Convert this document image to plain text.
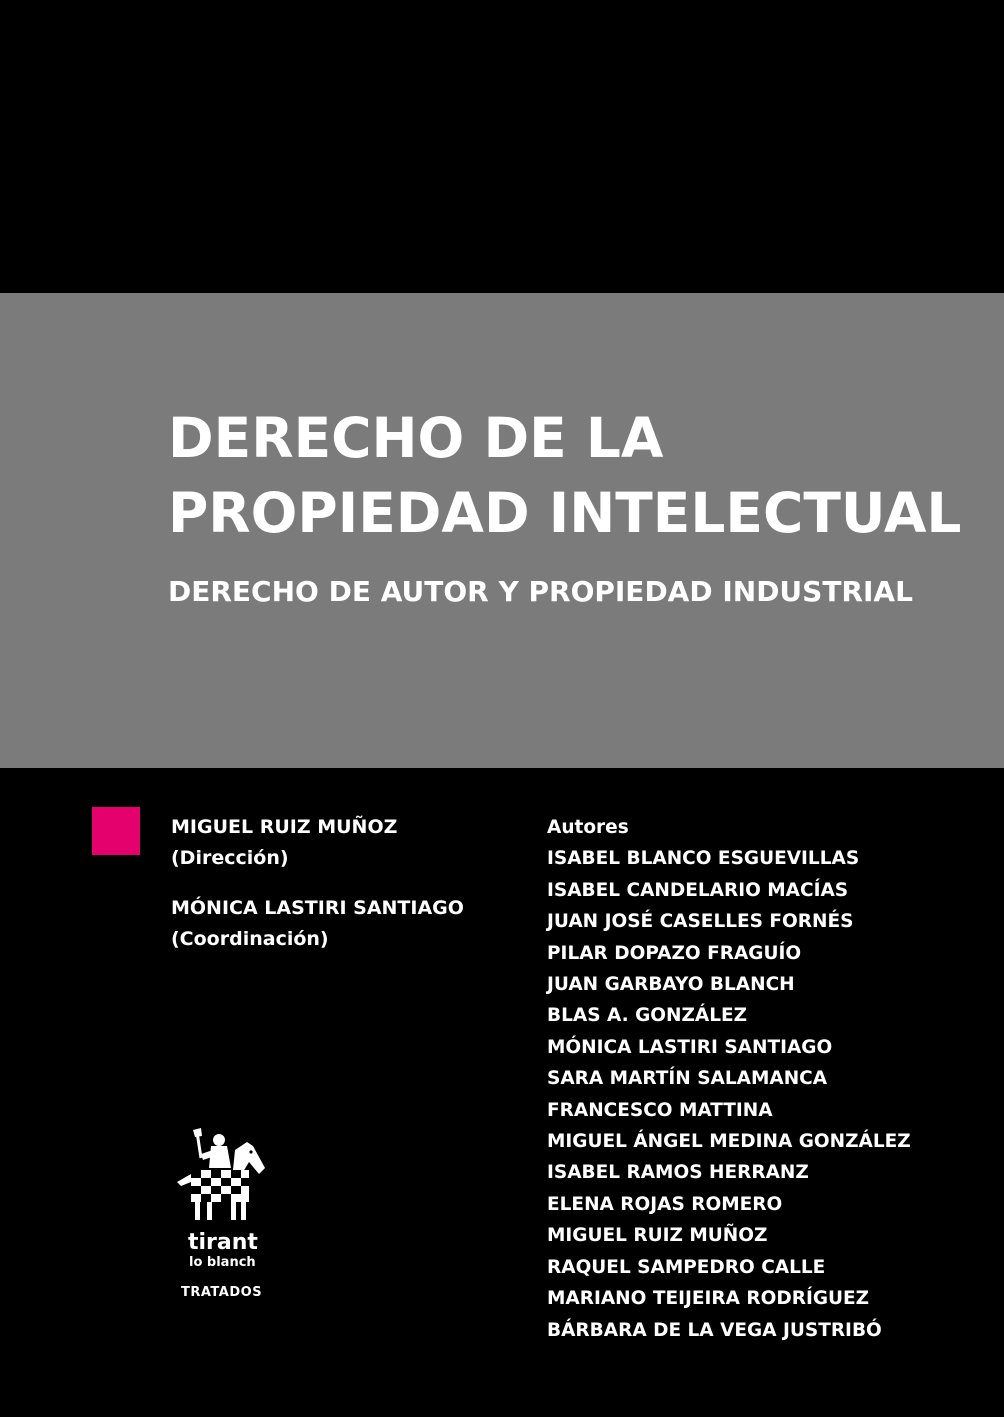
DERECHO DE LA
PROPIEDAD INTELECTUAL
DERECHO DE AUTOR Y PROPIEDAD INDUSTRIAL
MIGUEL RUIZ MUÑOZ
(Dirección)
MÓNICA LASTIRI SANTIAGO
(Coordinación)
Autores
ISABEL BLANCO ESGUEVILLAS
ISABEL CANDELARIO MACÍAS
JUAN JOSÉ CASELLES FORNÉS
PILAR DOPAZO FRAGUÍO
JUAN GARBAYO BLANCH
BLAS A. GONZÁLEZ
MÓNICA LASTIRI SANTIAGO
SARA MARTÍN SALAMANCA
FRANCESCO MATTINA
MIGUEL ÁNGEL MEDINA GONZÁLEZ
ISABEL RAMOS HERRANZ
ELENA ROJAS ROMERO
MIGUEL RUIZ MUÑOZ
RAQUEL SAMPEDRO CALLE
MARIANO TEIJEIRA RODRÍGUEZ
BÁRBARA DE LA VEGA JUSTRIBÓ
tirant
lo blanch
TRATADOS
